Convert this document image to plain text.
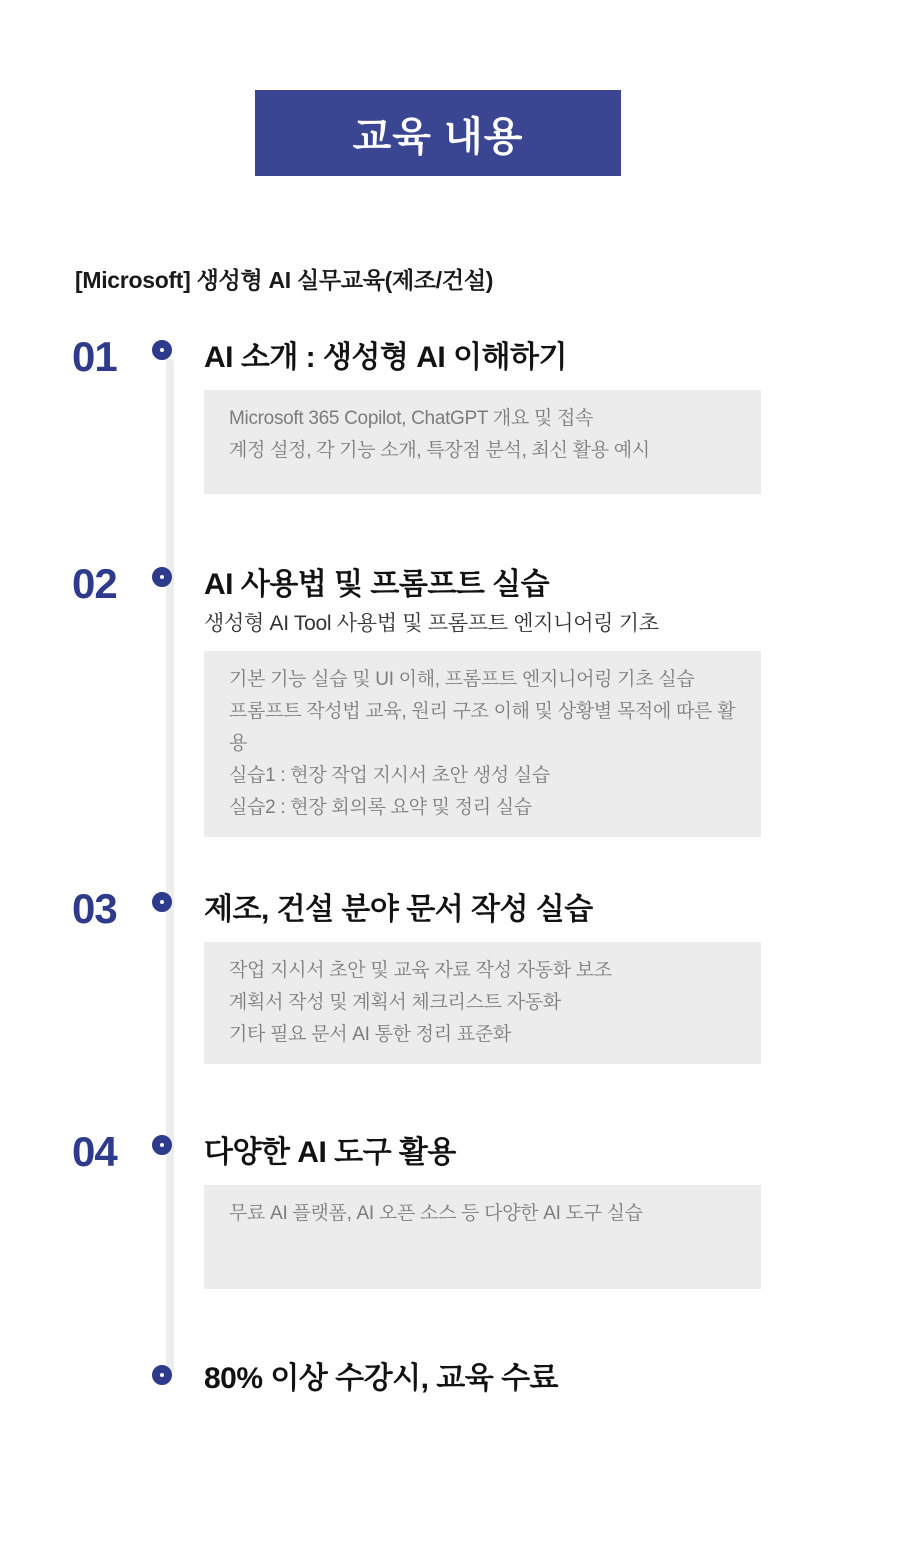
교육 내용
[Microsoft] 생성형 AI 실무교육(제조/건설)
01	AI 소개 : 생성형 AI 이해하기
Microsoft 365 Copilot, ChatGPT 개요 및 접속
계정 설정, 각 기능 소개, 특장점 분석, 최신 활용 예시
02	AI 사용법 및 프롬프트 실습
생성형 AI Tool 사용법 및 프롬프트 엔지니어링 기초
기본 기능 실습 및 UI 이해, 프롬프트 엔지니어링 기초 실습
프롬프트 작성법 교육, 원리 구조 이해 및 상황별 목적에 따른 활용
실습1 : 현장 작업 지시서 초안 생성 실습
실습2 : 현장 회의록 요약 및 정리 실습
03	제조, 건설 분야 문서 작성 실습
작업 지시서 초안 및 교육 자료 작성 자동화 보조
계획서 작성 및 계획서 체크리스트 자동화
기타 필요 문서 AI 통한 정리 표준화
04	다양한 AI 도구 활용
무료 AI 플랫폼, AI 오픈 소스 등 다양한 AI 도구 실습
80% 이상 수강시, 교육 수료
